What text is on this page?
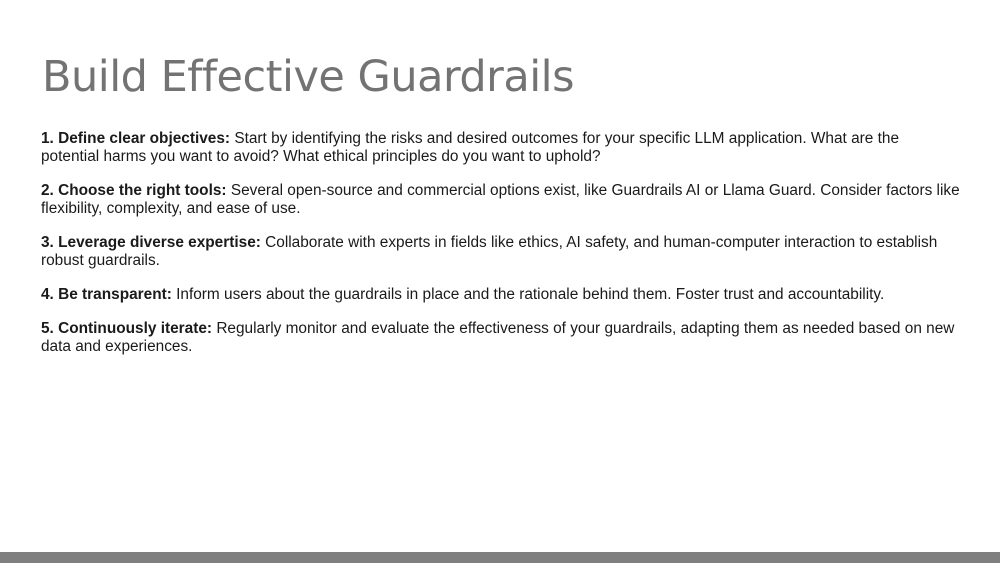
Build Effective Guardrails
1. Define clear objectives: Start by identifying the risks and desired outcomes for your specific LLM application. What are the potential harms you want to avoid? What ethical principles do you want to uphold?
2. Choose the right tools: Several open-source and commercial options exist, like Guardrails AI or Llama Guard. Consider factors like flexibility, complexity, and ease of use.
3. Leverage diverse expertise: Collaborate with experts in fields like ethics, AI safety, and human-computer interaction to establish robust guardrails.
4. Be transparent: Inform users about the guardrails in place and the rationale behind them. Foster trust and accountability.
5. Continuously iterate: Regularly monitor and evaluate the effectiveness of your guardrails, adapting them as needed based on new data and experiences.
